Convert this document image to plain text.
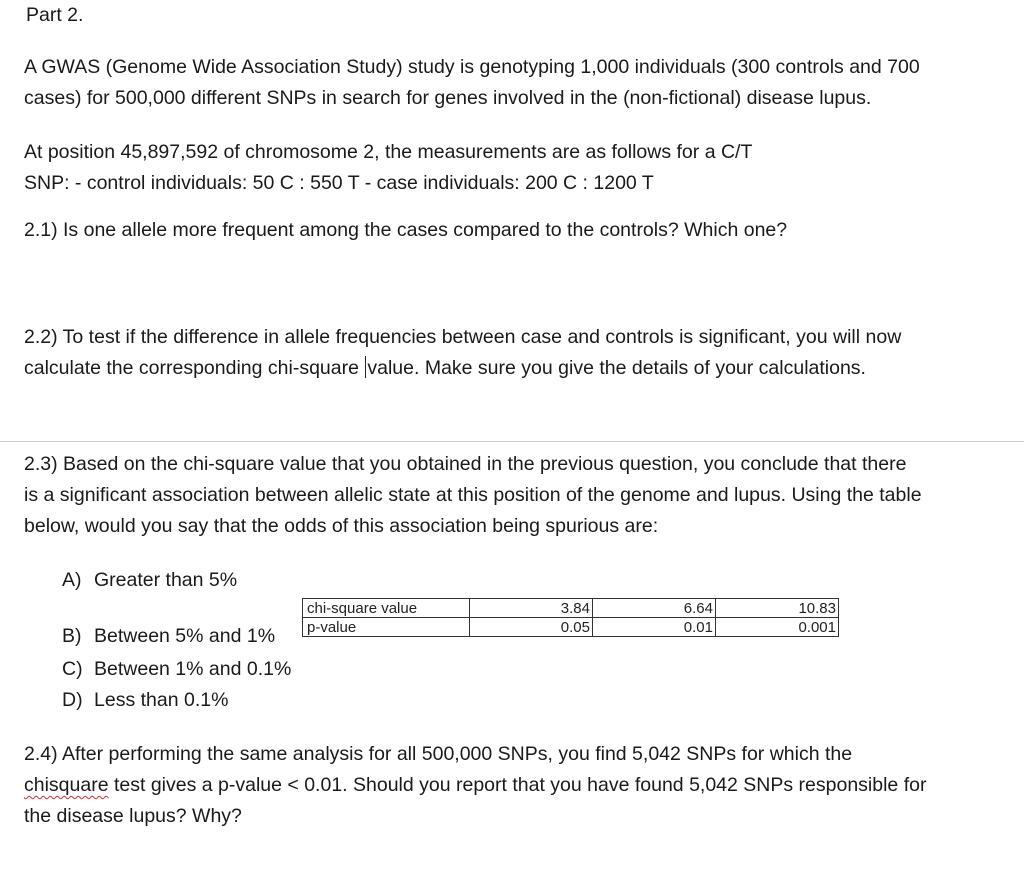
Part 2.
A GWAS (Genome Wide Association Study) study is genotyping 1,000 individuals (300 controls and 700
cases) for 500,000 different SNPs in search for genes involved in the (non-fictional) disease lupus.
At position 45,897,592 of chromosome 2, the measurements are as follows for a C/T
SNP: - control individuals: 50 C : 550 T - case individuals: 200 C : 1200 T
2.1) Is one allele more frequent among the cases compared to the controls? Which one?
2.2) To test if the difference in allele frequencies between case and controls is significant, you will now
calculate the corresponding chi-square value. Make sure you give the details of your calculations.
2.3) Based on the chi-square value that you obtained in the previous question, you conclude that there
is a significant association between allelic state at this position of the genome and lupus. Using the table
below, would you say that the odds of this association being spurious are:
A) Greater than 5%
B) Between 5% and 1%
C) Between 1% and 0.1%
D) Less than 0.1%
chi-square value	3.84	6.64	10.83
p-value	0.05	0.01	0.001
2.4) After performing the same analysis for all 500,000 SNPs, you find 5,042 SNPs for which the
chisquare test gives a p-value < 0.01. Should you report that you have found 5,042 SNPs responsible for
the disease lupus? Why?
